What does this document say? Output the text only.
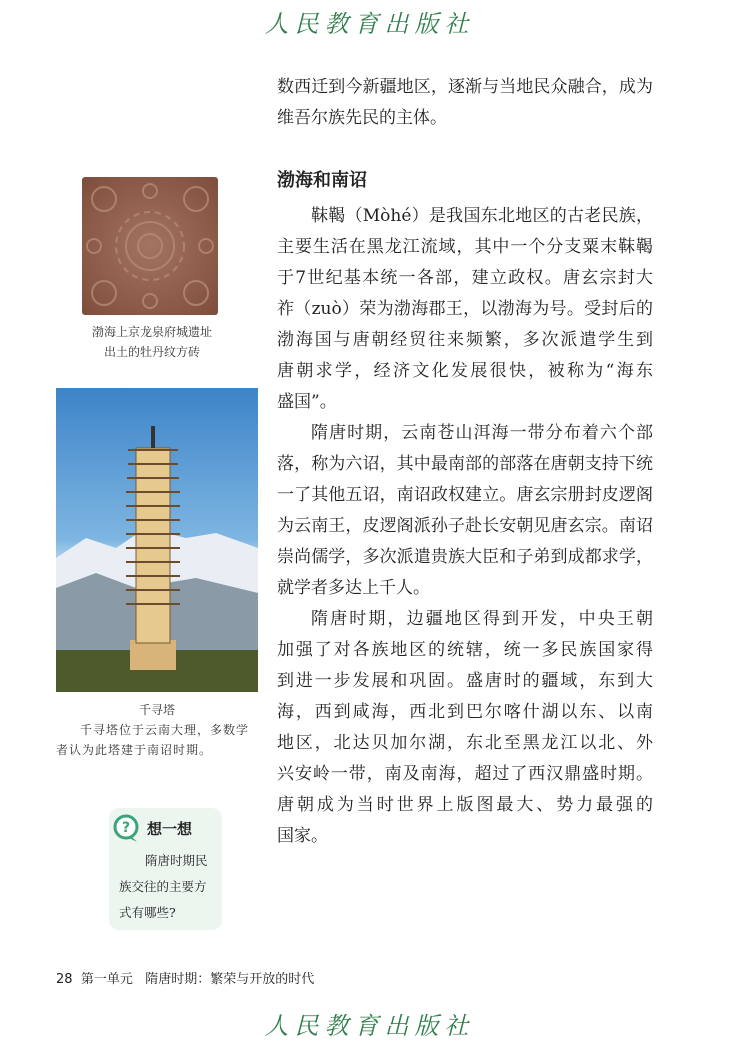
人民教育出版社
数西迁到今新疆地区，逐渐与当地民众融合，成为
维吾尔族先民的主体。
渤海和南诏
靺鞨（Mòhé）是我国东北地区的古老民族，
主要生活在黑龙江流域，其中一个分支粟末靺鞨
于7世纪基本统一各部，建立政权。唐玄宗封大
祚（zuò）荣为渤海郡王，以渤海为号。受封后的
渤海国与唐朝经贸往来频繁，多次派遣学生到
唐朝求学，经济文化发展很快，被称为“海东
盛国”。
隋唐时期，云南苍山洱海一带分布着六个部
落，称为六诏，其中最南部的部落在唐朝支持下统
一了其他五诏，南诏政权建立。唐玄宗册封皮逻阁
为云南王，皮逻阁派孙子赴长安朝见唐玄宗。南诏
崇尚儒学，多次派遣贵族大臣和子弟到成都求学，
就学者多达上千人。
隋唐时期，边疆地区得到开发，中央王朝
加强了对各族地区的统辖，统一多民族国家得
到进一步发展和巩固。盛唐时的疆域，东到大
海，西到咸海，西北到巴尔喀什湖以东、以南
地区，北达贝加尔湖，东北至黑龙江以北、外
兴安岭一带，南及南海，超过了西汉鼎盛时期。
唐朝成为当时世界上版图最大、势力最强的
国家。
渤海上京龙泉府城遗址
出土的牡丹纹方砖
千寻塔
千寻塔位于云南大理，多数学者认为此塔建于南诏时期。
? 想一想
隋唐时期民族交往的主要方式有哪些?
28 第一单元 隋唐时期：繁荣与开放的时代
人民教育出版社
